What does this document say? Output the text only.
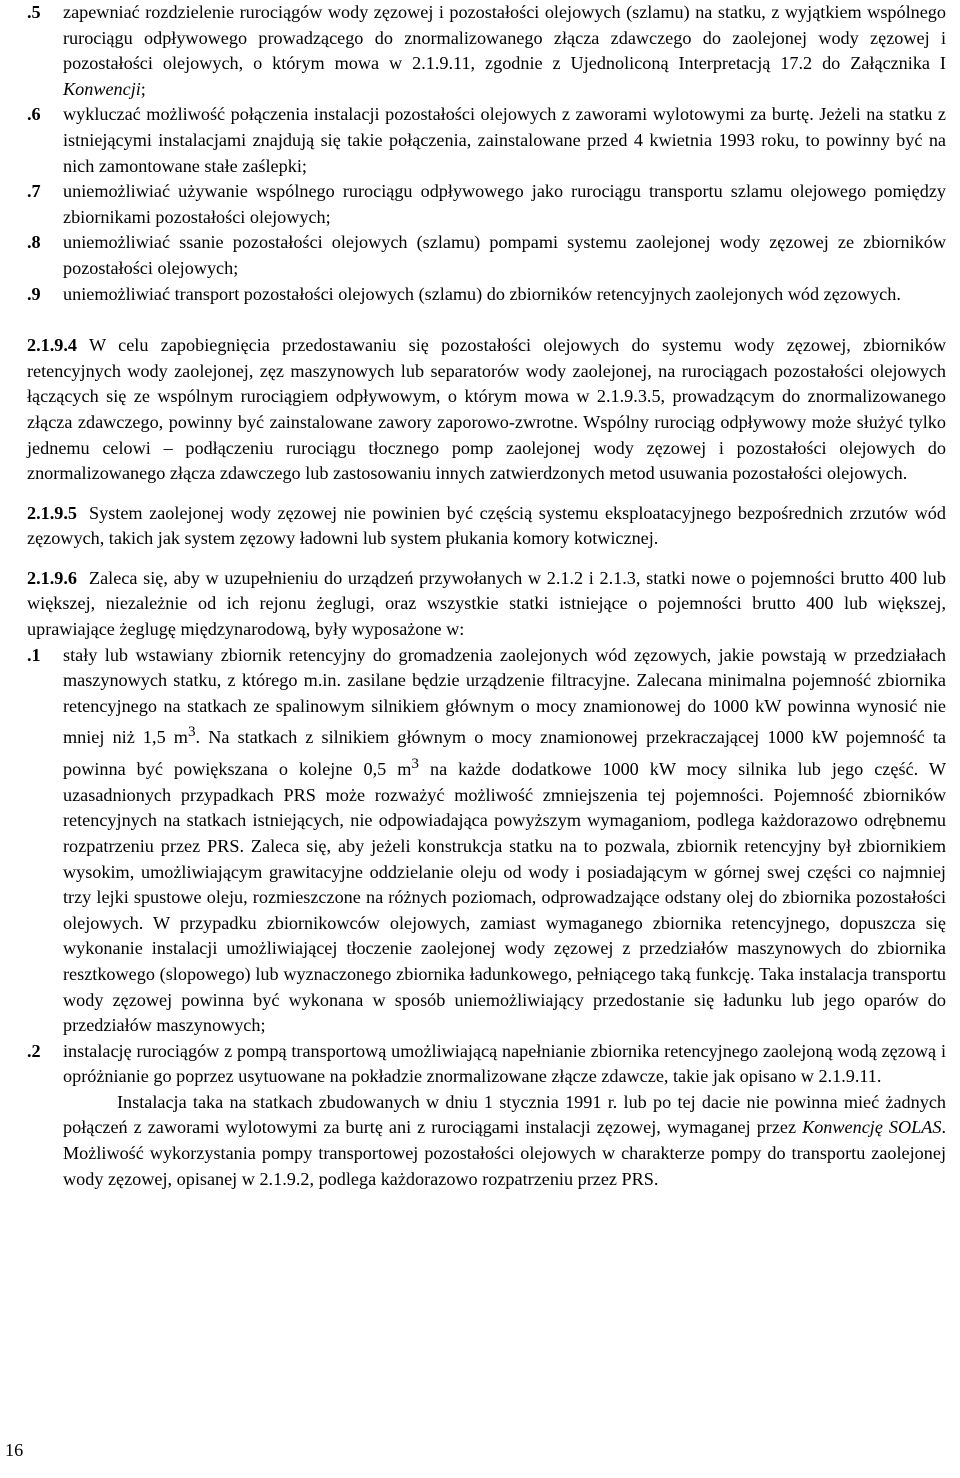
.5 zapewniać rozdzielenie rurociągów wody zęzowej i pozostałości olejowych (szlamu) na statku, z wyjątkiem wspólnego rurociągu odpływowego prowadzącego do znormalizowanego złącza zdawczego do zaolejonej wody zęzowej i pozostałości olejowych, o którym mowa w 2.1.9.11, zgodnie z Ujednoliconą Interpretacją 17.2 do Załącznika I Konwencji;
.6 wykluczać możliwość połączenia instalacji pozostałości olejowych z zaworami wylotowymi za burtę. Jeżeli na statku z istniejącymi instalacjami znajdują się takie połączenia, zainstalowane przed 4 kwietnia 1993 roku, to powinny być na nich zamontowane stałe zaślepki;
.7 uniemożliwiać używanie wspólnego rurociągu odpływowego jako rurociągu transportu szlamu olejowego pomiędzy zbiornikami pozostałości olejowych;
.8 uniemożliwiać ssanie pozostałości olejowych (szlamu) pompami systemu zaolejonej wody zęzowej ze zbiorników pozostałości olejowych;
.9 uniemożliwiać transport pozostałości olejowych (szlamu) do zbiorników retencyjnych zaolejonych wód zęzowych.

2.1.9.4 W celu zapobiegnięcia przedostawaniu się pozostałości olejowych do systemu wody zęzowej, zbiorników retencyjnych wody zaolejonej, zęz maszynowych lub separatorów wody zaolejonej, na rurociągach pozostałości olejowych łączących się ze wspólnym rurociągiem odpływowym, o którym mowa w 2.1.9.3.5, prowadzącym do znormalizowanego złącza zdawczego, powinny być zainstalowane zawory zaporowo-zwrotne. Wspólny rurociąg odpływowy może służyć tylko jednemu celowi – podłączeniu rurociągu tłocznego pomp zaolejonej wody zęzowej i pozostałości olejowych do znormalizowanego złącza zdawczego lub zastosowaniu innych zatwierdzonych metod usuwania pozostałości olejowych.

2.1.9.5 System zaolejonej wody zęzowej nie powinien być częścią systemu eksploatacyjnego bezpośrednich zrzutów wód zęzowych, takich jak system zęzowy ładowni lub system płukania komory kotwicznej.

2.1.9.6 Zaleca się, aby w uzupełnieniu do urządzeń przywołanych w 2.1.2 i 2.1.3, statki nowe o pojemności brutto 400 lub większej, niezależnie od ich rejonu żeglugi, oraz wszystkie statki istniejące o pojemności brutto 400 lub większej, uprawiające żeglugę międzynarodową, były wyposażone w:

.1 stały lub wstawiany zbiornik retencyjny do gromadzenia zaolejonych wód zęzowych, jakie powstają w przedziałach maszynowych statku, z którego m.in. zasilane będzie urządzenie filtracyjne. Zalecana minimalna pojemność zbiornika retencyjnego na statkach ze spalinowym silnikiem głównym o mocy znamionowej do 1000 kW powinna wynosić nie mniej niż 1,5 $m^3$. Na statkach z silnikiem głównym o mocy znamionowej przekraczającej 1000 kW pojemność ta powinna być powiększana o kolejne 0,5 $m^3$ na każde dodatkowe 1000 kW mocy silnika lub jego część. W uzasadnionych przypadkach PRS może rozważyć możliwość zmniejszenia tej pojemności. Pojemność zbiorników retencyjnych na statkach istniejących, nie odpowiadająca powyższym wymaganiom, podlega każdorazowo odrębnemu rozpatrzeniu przez PRS. Zaleca się, aby jeżeli konstrukcja statku na to pozwala, zbiornik retencyjny był zbiornikiem wysokim, umożliwiającym grawitacyjne oddzielanie oleju od wody i posiadającym w górnej swej części co najmniej trzy lejki spustowe oleju, rozmieszczone na różnych poziomach, odprowadzające odstany olej do zbiornika pozostałości olejowych. W przypadku zbiornikowców olejowych, zamiast wymaganego zbiornika retencyjnego, dopuszcza się wykonanie instalacji umożliwiającej tłoczenie zaolejonej wody zęzowej z przedziałów maszynowych do zbiornika resztkowego (slopowego) lub wyznaczonego zbiornika ładunkowego, pełniącego taką funkcję. Taka instalacja transportu wody zęzowej powinna być wykonana w sposób uniemożliwiający przedostanie się ładunku lub jego oparów do przedziałów maszynowych;
.2 instalację rurociągów z pompą transportową umożliwiającą napełnianie zbiornika retencyjnego zaolejoną wodą zęzową i opróżnianie go poprzez usytuowane na pokładzie znormalizowane złącze zdawcze, takie jak opisano w 2.1.9.11.

Instalacja taka na statkach zbudowanych w dniu 1 stycznia 1991 r. lub po tej dacie nie powinna mieć żadnych połączeń z zaworami wylotowymi za burtę ani z rurociągami instalacji zęzowej, wymaganej przez Konwencję SOLAS. Możliwość wykorzystania pompy transportowej pozostałości olejowych w charakterze pompy do transportu zaolejonej wody zęzowej, opisanej w 2.1.9.2, podlega każdorazowo rozpatrzeniu przez PRS.

16
